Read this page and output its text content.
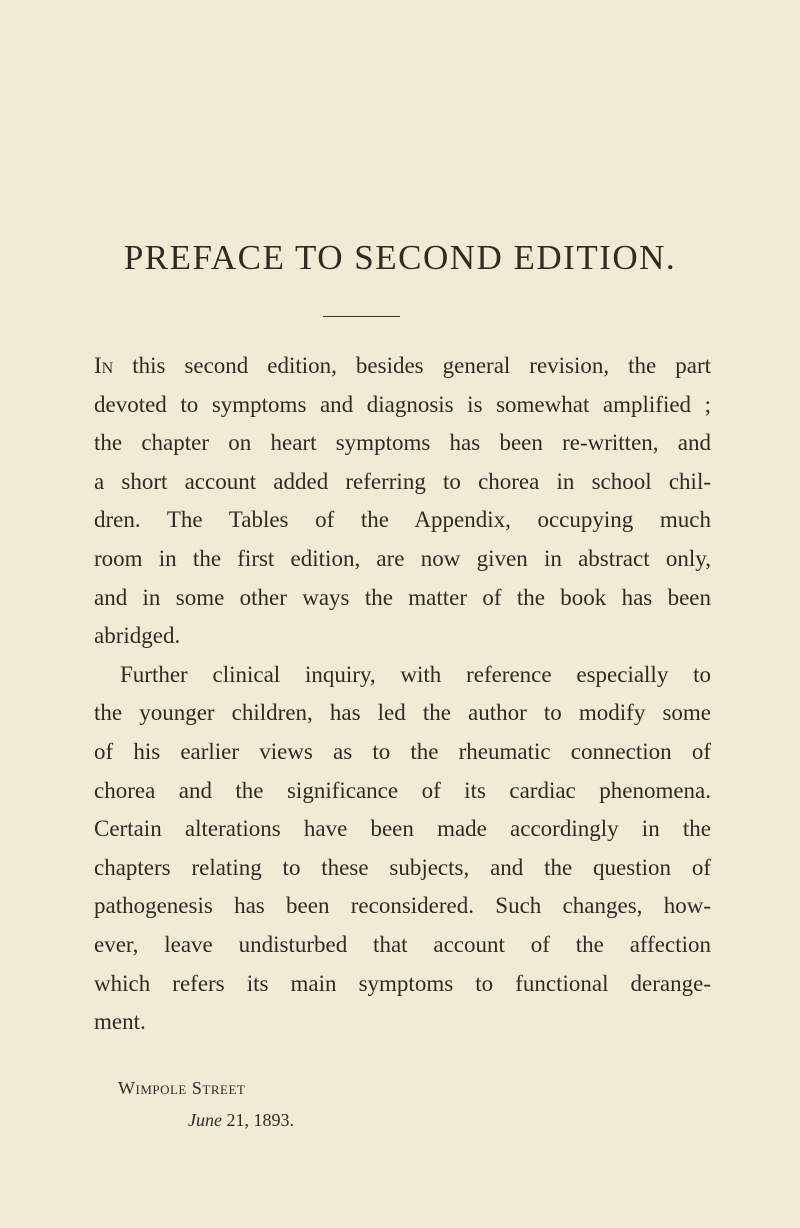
PREFACE TO SECOND EDITION.
In this second edition, besides general revision, the part
devoted to symptoms and diagnosis is somewhat amplified ;
the chapter on heart symptoms has been re-written, and
a short account added referring to chorea in school chil-
dren. The Tables of the Appendix, occupying much
room in the first edition, are now given in abstract only,
and in some other ways the matter of the book has been
abridged.
Further clinical inquiry, with reference especially to
the younger children, has led the author to modify some
of his earlier views as to the rheumatic connection of
chorea and the significance of its cardiac phenomena.
Certain alterations have been made accordingly in the
chapters relating to these subjects, and the question of
pathogenesis has been reconsidered. Such changes, how-
ever, leave undisturbed that account of the affection
which refers its main symptoms to functional derange-
ment.
Wimpole Street
June 21, 1893.
